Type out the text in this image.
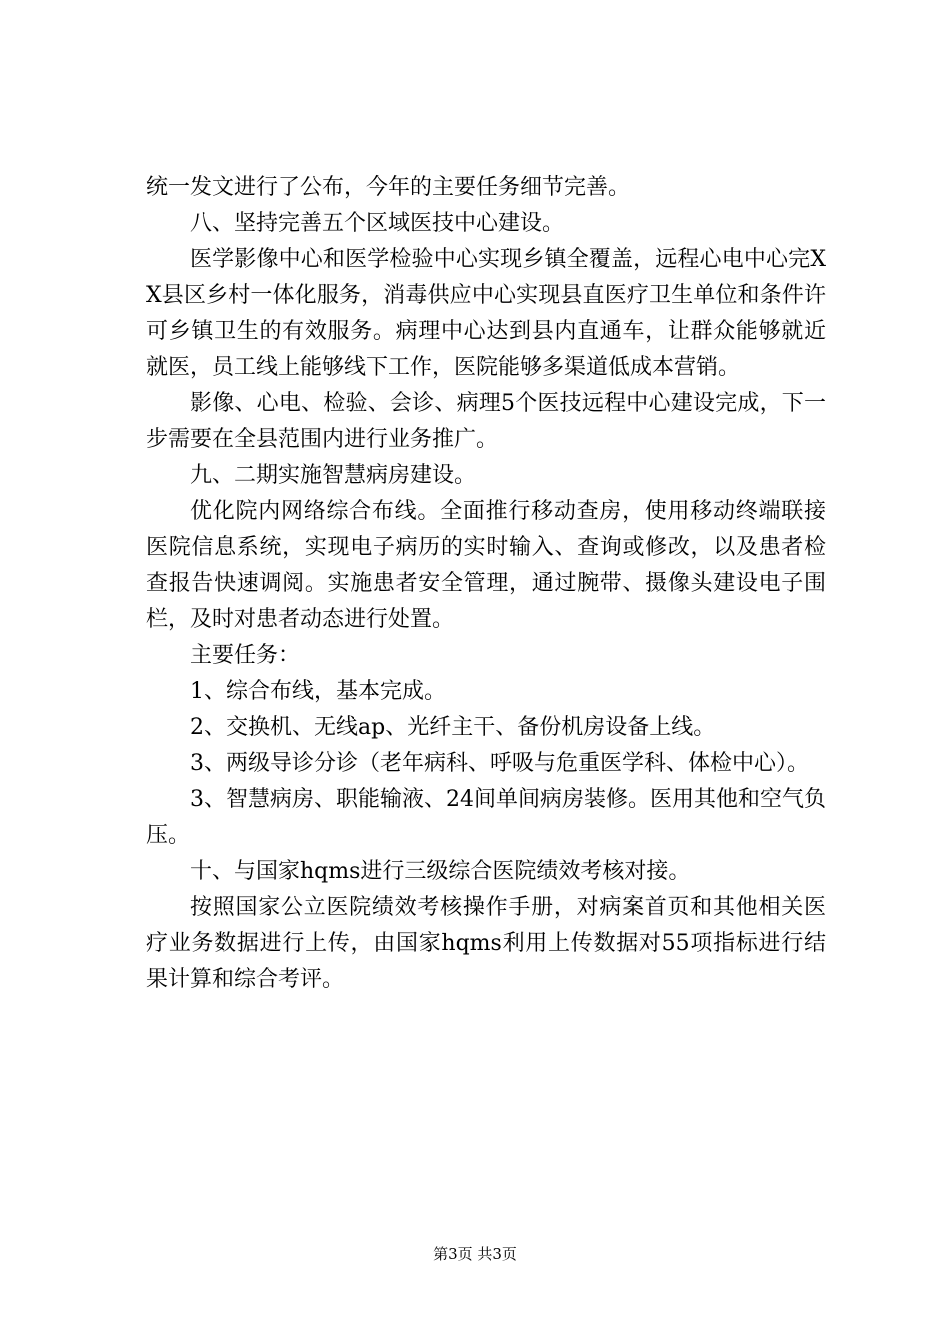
统一发文进行了公布，今年的主要任务细节完善。

八、坚持完善五个区域医技中心建设。

医学影像中心和医学检验中心实现乡镇全覆盖，远程心电中心完XX县区乡村一体化服务，消毒供应中心实现县直医疗卫生单位和条件许可乡镇卫生的有效服务。病理中心达到县内直通车，让群众能够就近就医，员工线上能够线下工作，医院能够多渠道低成本营销。

影像、心电、检验、会诊、病理5个医技远程中心建设完成，下一步需要在全县范围内进行业务推广。

九、二期实施智慧病房建设。

优化院内网络综合布线。全面推行移动查房，使用移动终端联接医院信息系统，实现电子病历的实时输入、查询或修改，以及患者检查报告快速调阅。实施患者安全管理，通过腕带、摄像头建设电子围栏，及时对患者动态进行处置。

主要任务：

1、综合布线，基本完成。

2、交换机、无线ap、光纤主干、备份机房设备上线。

3、两级导诊分诊（老年病科、呼吸与危重医学科、体检中心）。

3、智慧病房、职能输液、24间单间病房装修。医用其他和空气负压。

十、与国家hqms进行三级综合医院绩效考核对接。

按照国家公立医院绩效考核操作手册，对病案首页和其他相关医疗业务数据进行上传，由国家hqms利用上传数据对55项指标进行结果计算和综合考评。

第3页 共3页
